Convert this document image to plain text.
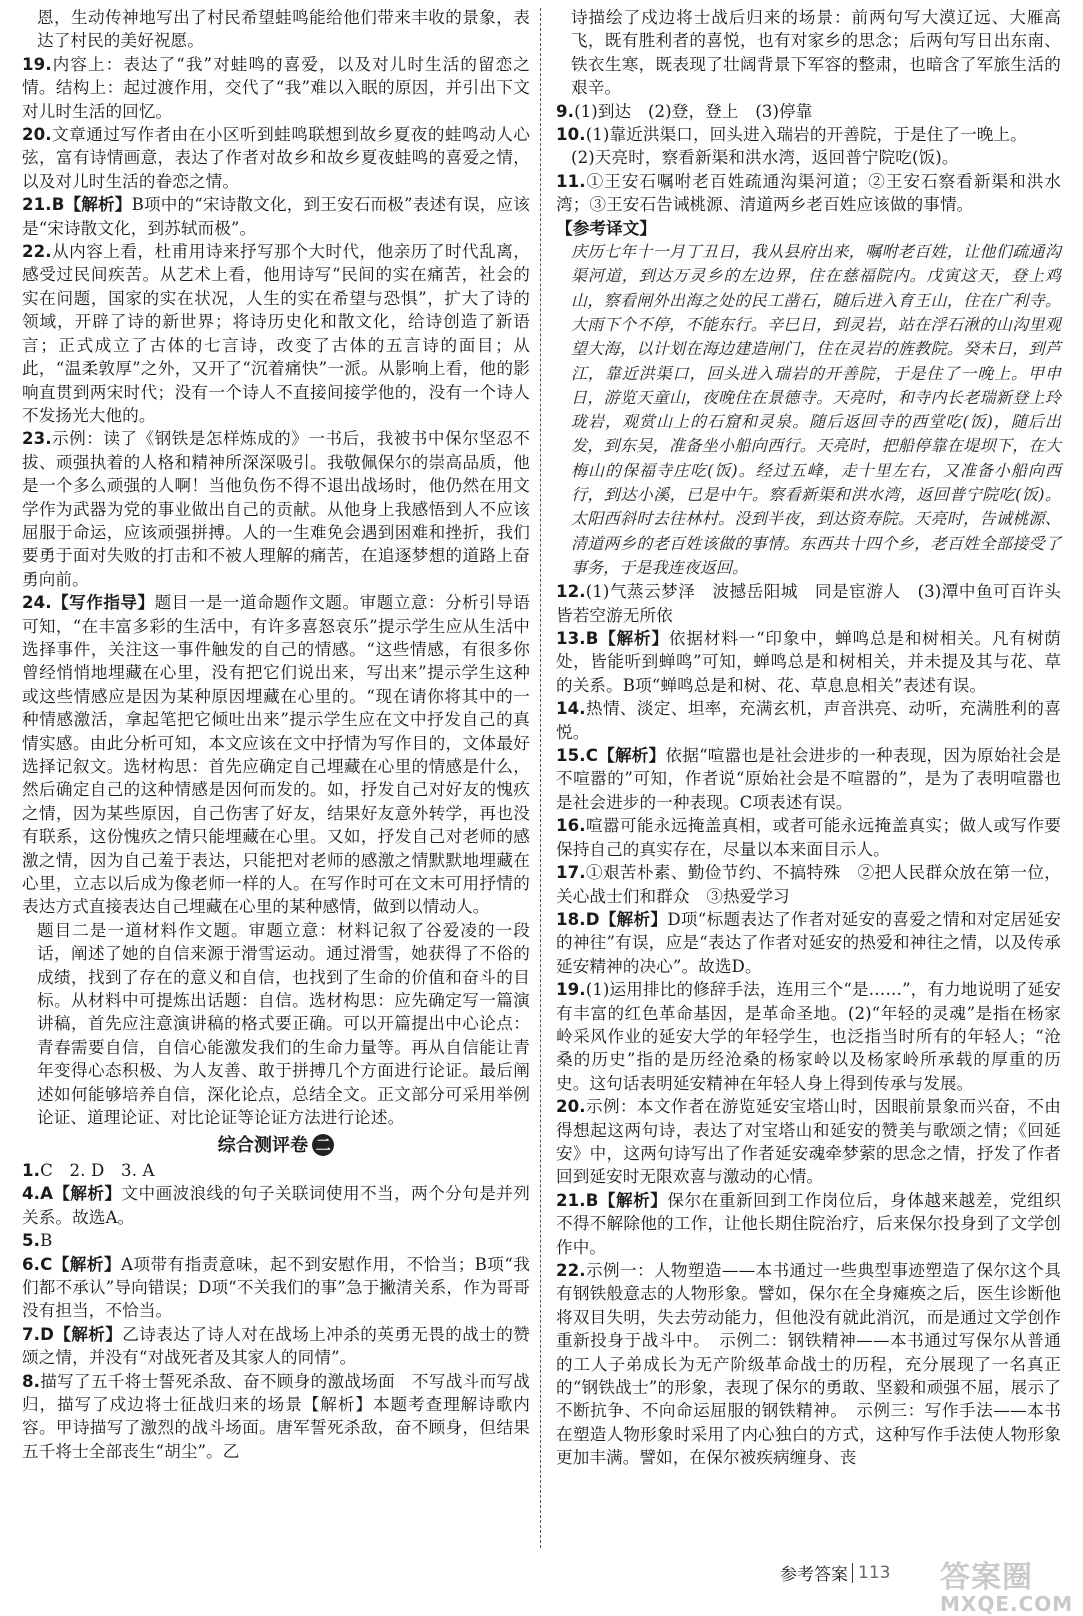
恩，生动传神地写出了村民希望蛙鸣能给他们带来丰收的景象，表达了村民的美好祝愿。

19.内容上：表达了“我”对蛙鸣的喜爱，以及对儿时生活的留恋之情。结构上：起过渡作用，交代了“我”难以入眠的原因，并引出下文对儿时生活的回忆。

20.文章通过写作者由在小区听到蛙鸣联想到故乡夏夜的蛙鸣动人心弦，富有诗情画意，表达了作者对故乡和故乡夏夜蛙鸣的喜爱之情，以及对儿时生活的眷恋之情。

21.B【解析】B项中的“宋诗散文化，到王安石而极”表述有误，应该是“宋诗散文化，到苏轼而极”。

22.从内容上看，杜甫用诗来抒写那个大时代，他亲历了时代乱离，感受过民间疾苦。从艺术上看，他用诗写“民间的实在痛苦，社会的实在问题，国家的实在状况，人生的实在希望与恐惧”，扩大了诗的领域，开辟了诗的新世界；将诗历史化和散文化，给诗创造了新语言；正式成立了古体的七言诗，改变了古体的五言诗的面目；从此，“温柔敦厚”之外，又开了“沉着痛快”一派。从影响上看，他的影响直贯到两宋时代；没有一个诗人不直接间接学他的，没有一个诗人不发扬光大他的。

23.示例：读了《钢铁是怎样炼成的》一书后，我被书中保尔坚忍不拔、顽强执着的人格和精神所深深吸引。我敬佩保尔的崇高品质，他是一个多么顽强的人啊！当他负伤不得不退出战场时，他仍然在用文学作为武器为党的事业做出自己的贡献。从他身上我感悟到人不应该屈服于命运，应该顽强拼搏。人的一生难免会遇到困难和挫折，我们要勇于面对失败的打击和不被人理解的痛苦，在追逐梦想的道路上奋勇向前。

24.【写作指导】题目一是一道命题作文题。审题立意：分析引导语可知，“在丰富多彩的生活中，有许多喜怒哀乐”提示学生应从生活中选择事件，关注这一事件触发的自己的情感。“这些情感，有很多你曾经悄悄地埋藏在心里，没有把它们说出来，写出来”提示学生这种或这些情感应是因为某种原因埋藏在心里的。“现在请你将其中的一种情感激活，拿起笔把它倾吐出来”提示学生应在文中抒发自己的真情实感。由此分析可知，本文应该在文中抒情为写作目的，文体最好选择记叙文。选材构思：首先应确定自己埋藏在心里的情感是什么，然后确定自己的这种情感是因何而发的。如，抒发自己对好友的愧疚之情，因为某些原因，自己伤害了好友，结果好友意外转学，再也没有联系，这份愧疚之情只能埋藏在心里。又如，抒发自己对老师的感激之情，因为自己羞于表达，只能把对老师的感激之情默默地埋藏在心里，立志以后成为像老师一样的人。在写作时可在文末可用抒情的表达方式直接表达自己埋藏在心里的某种感情，做到以情动人。

题目二是一道材料作文题。审题立意：材料记叙了谷爱凌的一段话，阐述了她的自信来源于滑雪运动。通过滑雪，她获得了不俗的成绩，找到了存在的意义和自信，也找到了生命的价值和奋斗的目标。从材料中可提炼出话题：自信。选材构思：应先确定写一篇演讲稿，首先应注意演讲稿的格式要正确。可以开篇提出中心论点：青春需要自信，自信心能激发我们的生命力量等。再从自信能让青年变得心态积极、为人友善、敢于拼搏几个方面进行论证。最后阐述如何能够培养自信，深化论点，总结全文。正文部分可采用举例论证、道理论证、对比论证等论证方法进行论述。

综合测评卷 二

1.C　2. D　3. A

4.A【解析】文中画波浪线的句子关联词使用不当，两个分句是并列关系。故选A。

5.B

6.C【解析】A项带有指责意味，起不到安慰作用，不恰当；B项“我们都不承认”导向错误；D项“不关我们的事”急于撇清关系，作为哥哥没有担当，不恰当。

7.D【解析】乙诗表达了诗人对在战场上冲杀的英勇无畏的战士的赞颂之情，并没有“对战死者及其家人的同情”。

8.描写了五千将士誓死杀敌、奋不顾身的激战场面　不写战斗而写战归，描写了戍边将士征战归来的场景【解析】本题考查理解诗歌内容。甲诗描写了激烈的战斗场面。唐军誓死杀敌，奋不顾身，但结果五千将士全部丧生“胡尘”。乙

诗描绘了戍边将士战后归来的场景：前两句写大漠辽远、大雁高飞，既有胜利者的喜悦，也有对家乡的思念；后两句写日出东南、铁衣生寒，既表现了壮阔背景下军容的整肃，也暗含了军旅生活的艰辛。

9.(1)到达　(2)登，登上　(3)停靠

10.(1)靠近洪渠口，回头进入瑞岩的开善院，于是住了一晚上。

(2)天亮时，察看新渠和洪水湾，返回普宁院吃(饭)。

11.①王安石嘱咐老百姓疏通沟渠河道；②王安石察看新渠和洪水湾；③王安石告诫桃源、清道两乡老百姓应该做的事情。

【参考译文】

庆历七年十一月丁丑日，我从县府出来，嘱咐老百姓，让他们疏通沟渠河道，到达万灵乡的左边界，住在慈福院内。戊寅这天，登上鸡山，察看闸外出海之处的民工凿石，随后进入育王山，住在广利寺。大雨下个不停，不能东行。辛巳日，到灵岩，站在浮石湫的山沟里观望大海，以计划在海边建造闸门，住在灵岩的旌教院。癸未日，到芦江，靠近洪渠口，回头进入瑞岩的开善院，于是住了一晚上。甲申日，游览天童山，夜晚住在景德寺。天亮时，和寺内长老瑞新登上玲珑岩，观赏山上的石窟和灵泉。随后返回寺的西堂吃(饭)，随后出发，到东吴，准备坐小船向西行。天亮时，把船停靠在堤坝下，在大梅山的保福寺庄吃(饭)。经过五峰，走十里左右，又准备小船向西行，到达小溪，已是中午。察看新渠和洪水湾，返回普宁院吃(饭)。太阳西斜时去往林村。没到半夜，到达资寿院。天亮时，告诫桃源、清道两乡的老百姓该做的事情。东西共十四个乡，老百姓全部接受了事务，于是我连夜返回。

12.(1)气蒸云梦泽　波撼岳阳城　同是宦游人　(3)潭中鱼可百许头　皆若空游无所依

13.B【解析】依据材料一“印象中，蝉鸣总是和树相关。凡有树荫处，皆能听到蝉鸣”可知，蝉鸣总是和树相关，并未提及其与花、草的关系。B项“蝉鸣总是和树、花、草息息相关”表述有误。

14.热情、淡定、坦率，充满玄机，声音洪亮、动听，充满胜利的喜悦。

15.C【解析】依据“喧嚣也是社会进步的一种表现，因为原始社会是不喧嚣的”可知，作者说“原始社会是不喧嚣的”，是为了表明喧嚣也是社会进步的一种表现。C项表述有误。

16.喧嚣可能永远掩盖真相，或者可能永远掩盖真实；做人或写作要保持自己的真实存在，尽量以本来面目示人。

17.①艰苦朴素、勤俭节约、不搞特殊　②把人民群众放在第一位，关心战士们和群众　③热爱学习

18.D【解析】D项“标题表达了作者对延安的喜爱之情和对定居延安的神往”有误，应是“表达了作者对延安的热爱和神往之情，以及传承延安精神的决心”。故选D。

19.(1)运用排比的修辞手法，连用三个“是……”，有力地说明了延安有丰富的红色革命基因，是革命圣地。(2)“年轻的灵魂”是指在杨家岭采风作业的延安大学的年轻学生，也泛指当时所有的年轻人；“沧桑的历史”指的是历经沧桑的杨家岭以及杨家岭所承载的厚重的历史。这句话表明延安精神在年轻人身上得到传承与发展。

20.示例：本文作者在游览延安宝塔山时，因眼前景象而兴奋，不由得想起这两句诗，表达了对宝塔山和延安的赞美与歌颂之情；《回延安》中，这两句诗写出了作者延安魂牵梦萦的思念之情，抒发了作者回到延安时无限欢喜与激动的心情。

21.B【解析】保尔在重新回到工作岗位后，身体越来越差，党组织不得不解除他的工作，让他长期住院治疗，后来保尔投身到了文学创作中。

22.示例一：人物塑造——本书通过一些典型事迹塑造了保尔这个具有钢铁般意志的人物形象。譬如，保尔在全身瘫痪之后，医生诊断他将双目失明，失去劳动能力，但他没有就此消沉，而是通过文学创作重新投身于战斗中。　示例二：钢铁精神——本书通过写保尔从普通的工人子弟成长为无产阶级革命战士的历程，充分展现了一名真正的“钢铁战士”的形象，表现了保尔的勇敢、坚毅和顽强不屈，展示了不断抗争、不向命运屈服的钢铁精神。　示例三：写作手法——本书在塑造人物形象时采用了内心独白的方式，这种写作手法使人物形象更加丰满。譬如，在保尔被疾病缠身、丧

参考答案 113 答案圈
MXQE.COM
